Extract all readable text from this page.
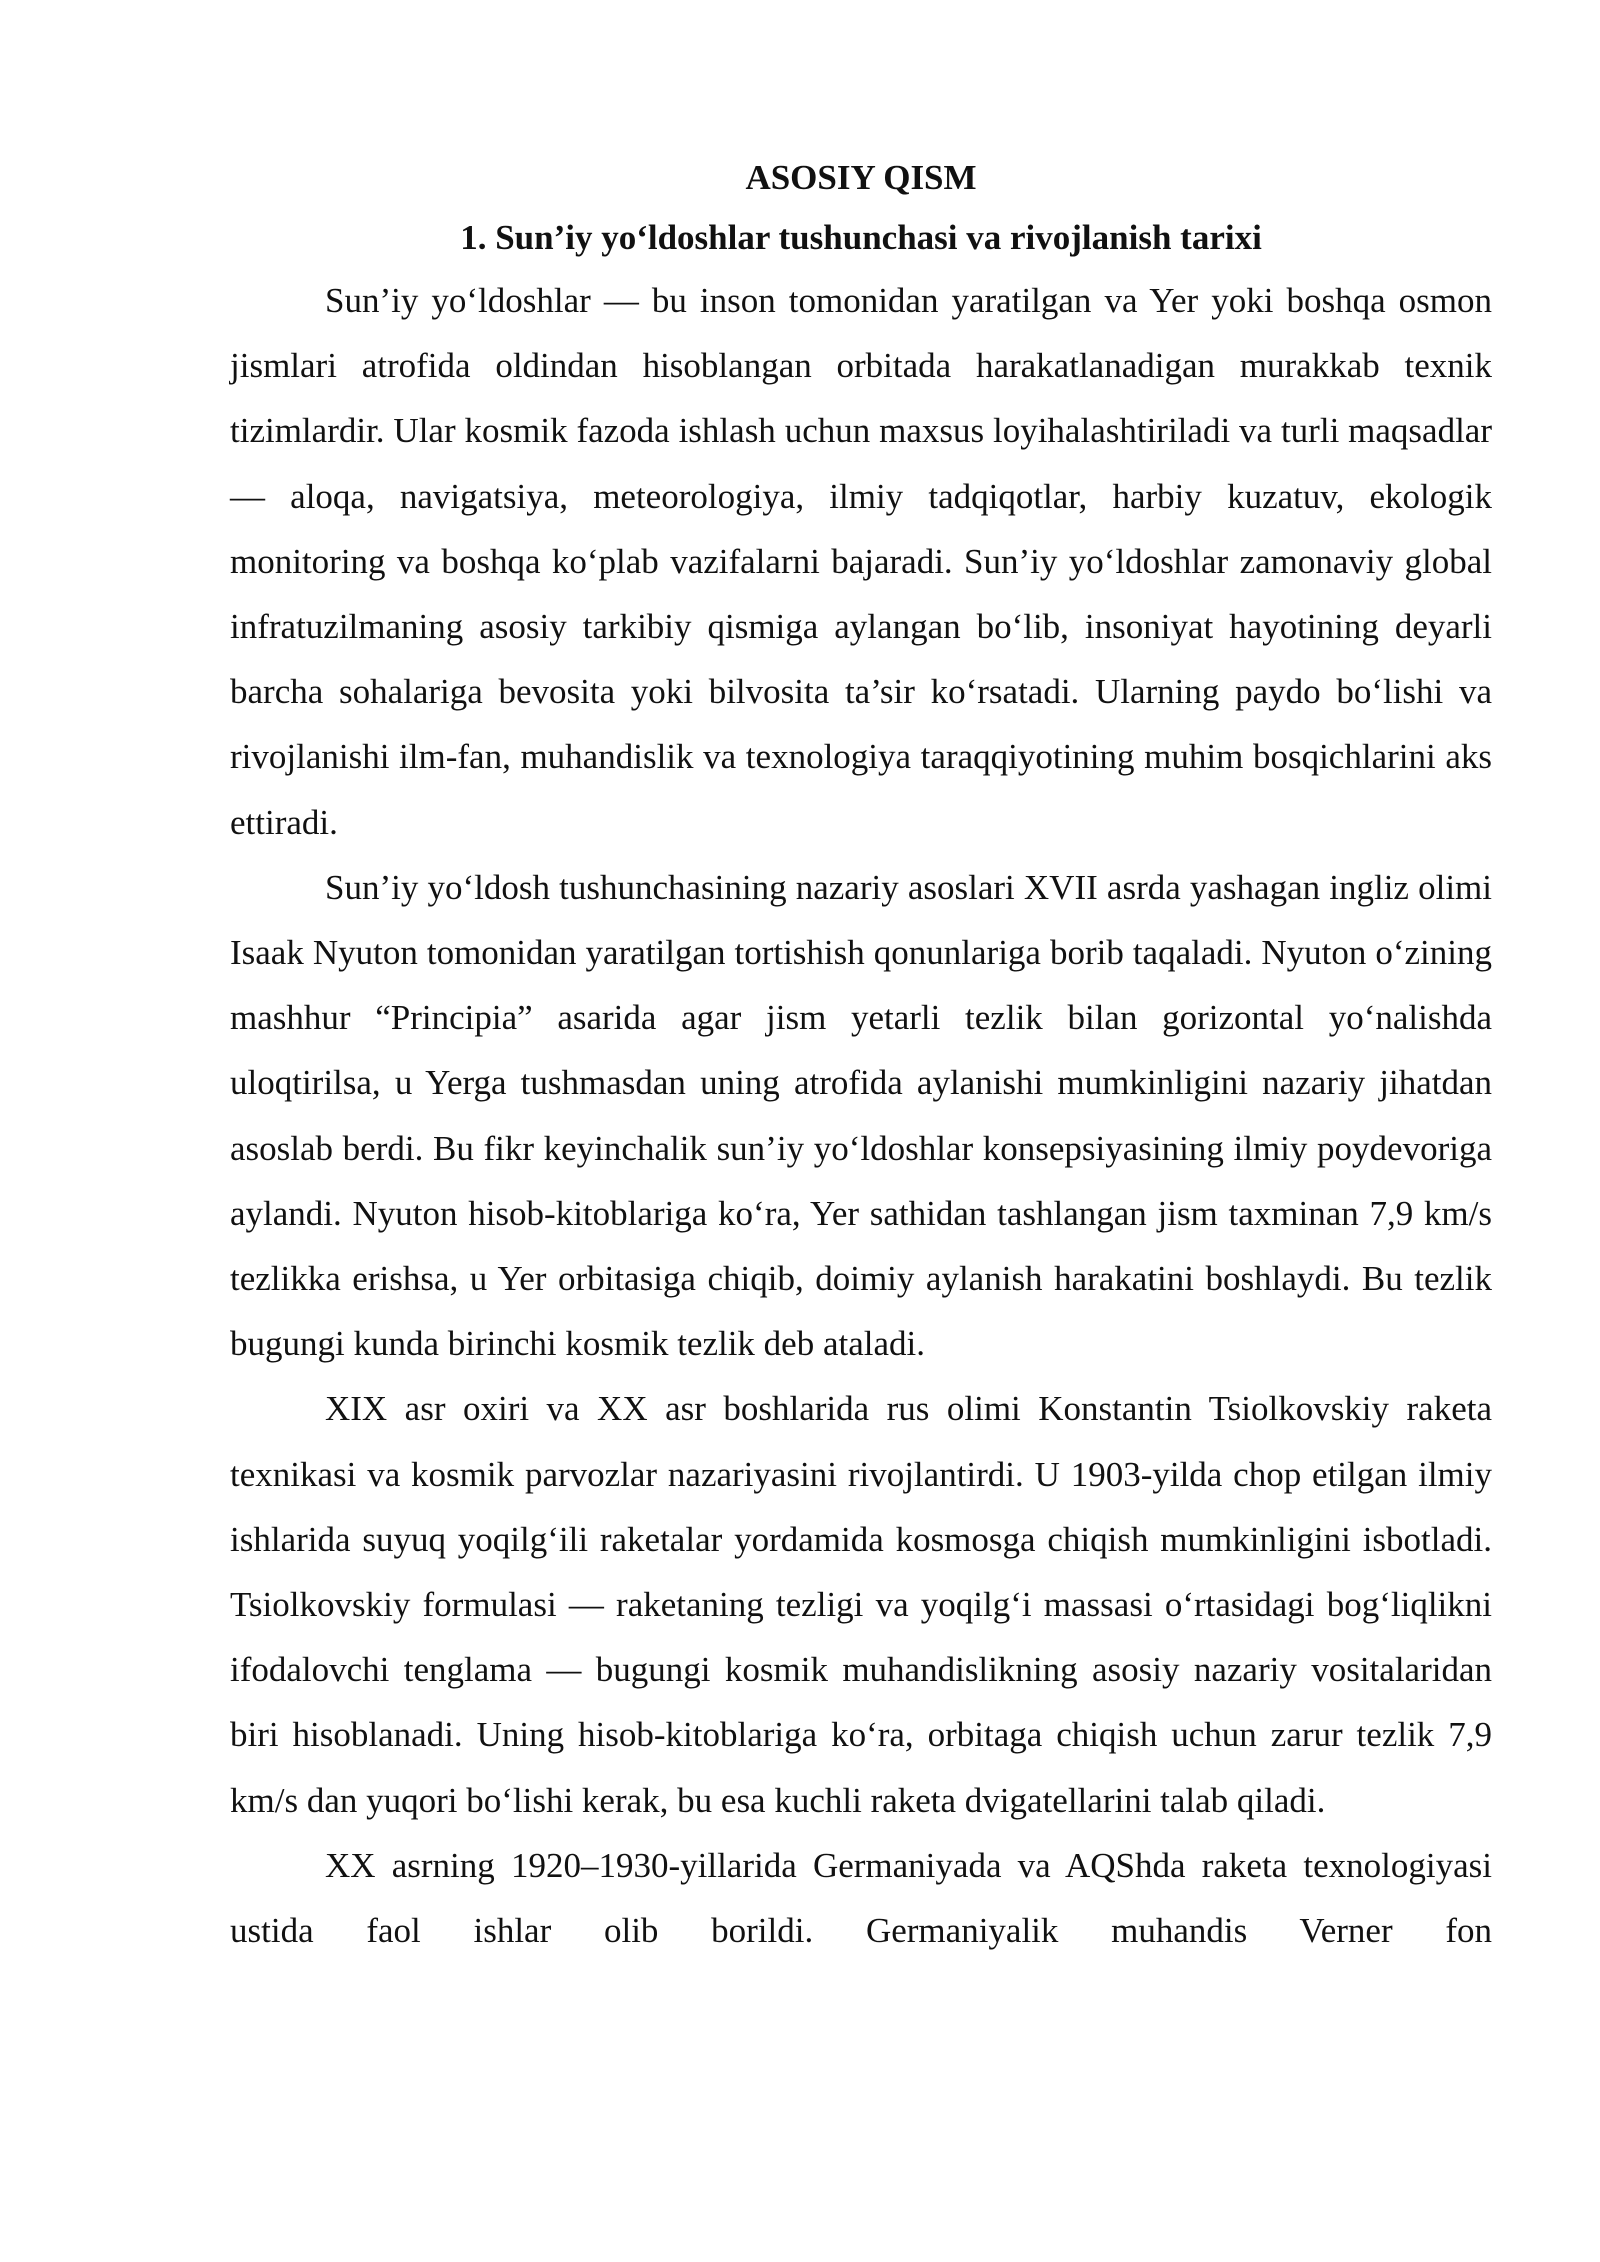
ASOSIY QISM
1. Sun’iy yo‘ldoshlar tushunchasi va rivojlanish tarixi

Sun’iy yo‘ldoshlar — bu inson tomonidan yaratilgan va Yer yoki boshqa osmon jismlari atrofida oldindan hisoblangan orbitada harakatlanadigan murakkab texnik tizimlardir. Ular kosmik fazoda ishlash uchun maxsus loyihalashtiriladi va turli maqsadlar — aloqa, navigatsiya, meteorologiya, ilmiy tadqiqotlar, harbiy kuzatuv, ekologik monitoring va boshqa ko‘plab vazifalarni bajaradi. Sun’iy yo‘ldoshlar zamonaviy global infratuzilmaning asosiy tarkibiy qismiga aylangan bo‘lib, insoniyat hayotining deyarli barcha sohalariga bevosita yoki bilvosita ta’sir ko‘rsatadi. Ularning paydo bo‘lishi va rivojlanishi ilm-fan, muhandislik va texnologiya taraqqiyotining muhim bosqichlarini aks ettiradi.

Sun’iy yo‘ldosh tushunchasining nazariy asoslari XVII asrda yashagan ingliz olimi Isaak Nyuton tomonidan yaratilgan tortishish qonunlariga borib taqaladi. Nyuton o‘zining mashhur “Principia” asarida agar jism yetarli tezlik bilan gorizontal yo‘nalishda uloqtirilsa, u Yerga tushmasdan uning atrofida aylanishi mumkinligini nazariy jihatdan asoslab berdi. Bu fikr keyinchalik sun’iy yo‘ldoshlar konsepsiyasining ilmiy poydevoriga aylandi. Nyuton hisob-kitoblariga ko‘ra, Yer sathidan tashlangan jism taxminan 7,9 km/s tezlikka erishsa, u Yer orbitasiga chiqib, doimiy aylanish harakatini boshlaydi. Bu tezlik bugungi kunda birinchi kosmik tezlik deb ataladi.

XIX asr oxiri va XX asr boshlarida rus olimi Konstantin Tsiolkovskiy raketa texnikasi va kosmik parvozlar nazariyasini rivojlantirdi. U 1903-yilda chop etilgan ilmiy ishlarida suyuq yoqilg‘ili raketalar yordamida kosmosga chiqish mumkinligini isbotladi. Tsiolkovskiy formulasi — raketaning tezligi va yoqilg‘i massasi o‘rtasidagi bog‘liqlikni ifodalovchi tenglama — bugungi kosmik muhandislikning asosiy nazariy vositalaridan biri hisoblanadi. Uning hisob-kitoblariga ko‘ra, orbitaga chiqish uchun zarur tezlik 7,9 km/s dan yuqori bo‘lishi kerak, bu esa kuchli raketa dvigatellarini talab qiladi.

XX asrning 1920–1930-yillarida Germaniyada va AQShda raketa texnologiyasi ustida faol ishlar olib borildi. Germaniyalik muhandis Verner fon
